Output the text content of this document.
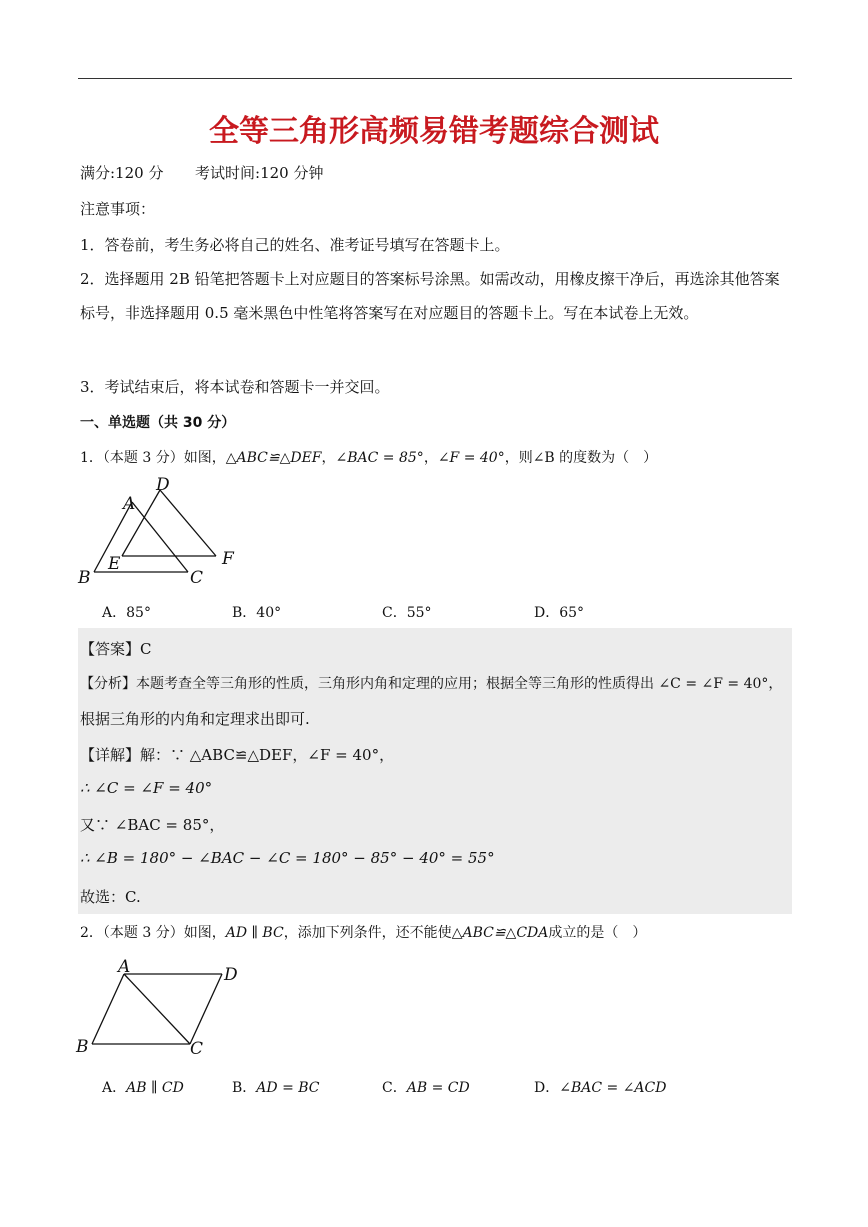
全等三角形高频易错考题综合测试
满分:120 分 考试时间:120 分钟
注意事项：
1．答卷前，考生务必将自己的姓名、准考证号填写在答题卡上。
2．选择题用 2B 铅笔把答题卡上对应题目的答案标号涂黑。如需改动，用橡皮擦干净后，再选涂其他答案标号，非选择题用 0.5 毫米黑色中性笔将答案写在对应题目的答题卡上。写在本试卷上无效。
3．考试结束后，将本试卷和答题卡一并交回。
一、单选题（共 30 分）
1．（本题 3 分）如图，△ABC≌△DEF，∠BAC = 85°，∠F = 40°，则∠B 的度数为（　）
A
B	C
D
E	F
A．85°	B．40°	C．55°	D．65°
【答案】C
【分析】本题考查全等三角形的性质，三角形内角和定理的应用；根据全等三角形的性质得出 ∠C = ∠F = 40°，
根据三角形的内角和定理求出即可.
【详解】解：∵ △ABC≌△DEF，∠F = 40°，
∴ ∠C = ∠F = 40°
又∵ ∠BAC = 85°，
∴ ∠B = 180° − ∠BAC − ∠C = 180° − 85° − 40° = 55°
故选：C.
2．（本题 3 分）如图，AD ∥ BC，添加下列条件，还不能使△ABC≌△CDA成立的是（　）
A
B	C
D
A．AB ∥ CD	B．AD = BC	C．AB = CD	D．∠BAC = ∠ACD
